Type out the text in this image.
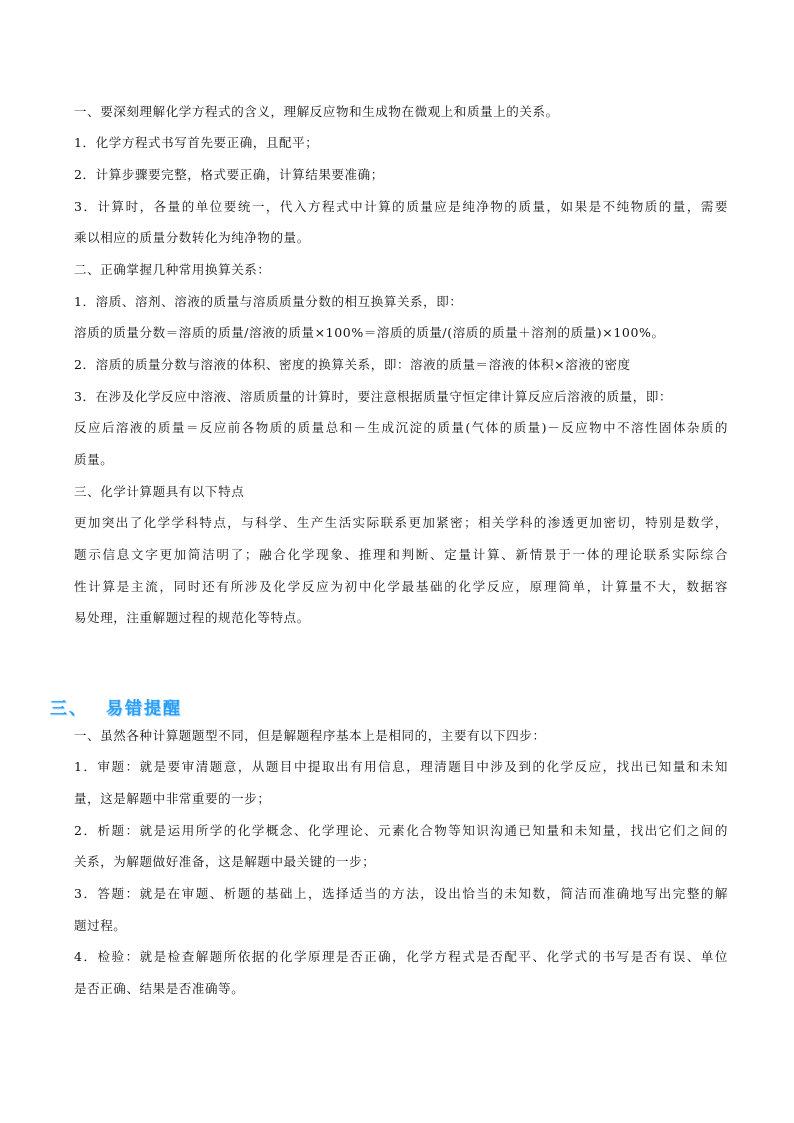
一、要深刻理解化学方程式的含义，理解反应物和生成物在微观上和质量上的关系。
1．化学方程式书写首先要正确，且配平；
2．计算步骤要完整，格式要正确，计算结果要准确；
3．计算时，各量的单位要统一，代入方程式中计算的质量应是纯净物的质量，如果是不纯物质的量，需要
乘以相应的质量分数转化为纯净物的量。
二、正确掌握几种常用换算关系：
1．溶质、溶剂、溶液的质量与溶质质量分数的相互换算关系，即：
溶质的质量分数＝溶质的质量/溶液的质量×100%＝溶质的质量/(溶质的质量＋溶剂的质量)×100%。
2．溶质的质量分数与溶液的体积、密度的换算关系，即：溶液的质量＝溶液的体积×溶液的密度
3．在涉及化学反应中溶液、溶质质量的计算时，要注意根据质量守恒定律计算反应后溶液的质量，即：
反应后溶液的质量＝反应前各物质的质量总和－生成沉淀的质量(气体的质量)－反应物中不溶性固体杂质的
质量。
三、化学计算题具有以下特点
更加突出了化学学科特点，与科学、生产生活实际联系更加紧密；相关学科的渗透更加密切，特别是数学，
题示信息文字更加简洁明了；融合化学现象、推理和判断、定量计算、新情景于一体的理论联系实际综合
性计算是主流，同时还有所涉及化学反应为初中化学最基础的化学反应，原理简单，计算量不大，数据容
易处理，注重解题过程的规范化等特点。
三、 易错提醒
一、虽然各种计算题题型不同，但是解题程序基本上是相同的，主要有以下四步：
1．审题：就是要审清题意，从题目中提取出有用信息，理清题目中涉及到的化学反应，找出已知量和未知
量，这是解题中非常重要的一步；
2．析题：就是运用所学的化学概念、化学理论、元素化合物等知识沟通已知量和未知量，找出它们之间的
关系，为解题做好准备，这是解题中最关键的一步；
3．答题：就是在审题、析题的基础上，选择适当的方法，设出恰当的未知数，简洁而准确地写出完整的解
题过程。
4．检验：就是检查解题所依据的化学原理是否正确，化学方程式是否配平、化学式的书写是否有误、单位
是否正确、结果是否准确等。
